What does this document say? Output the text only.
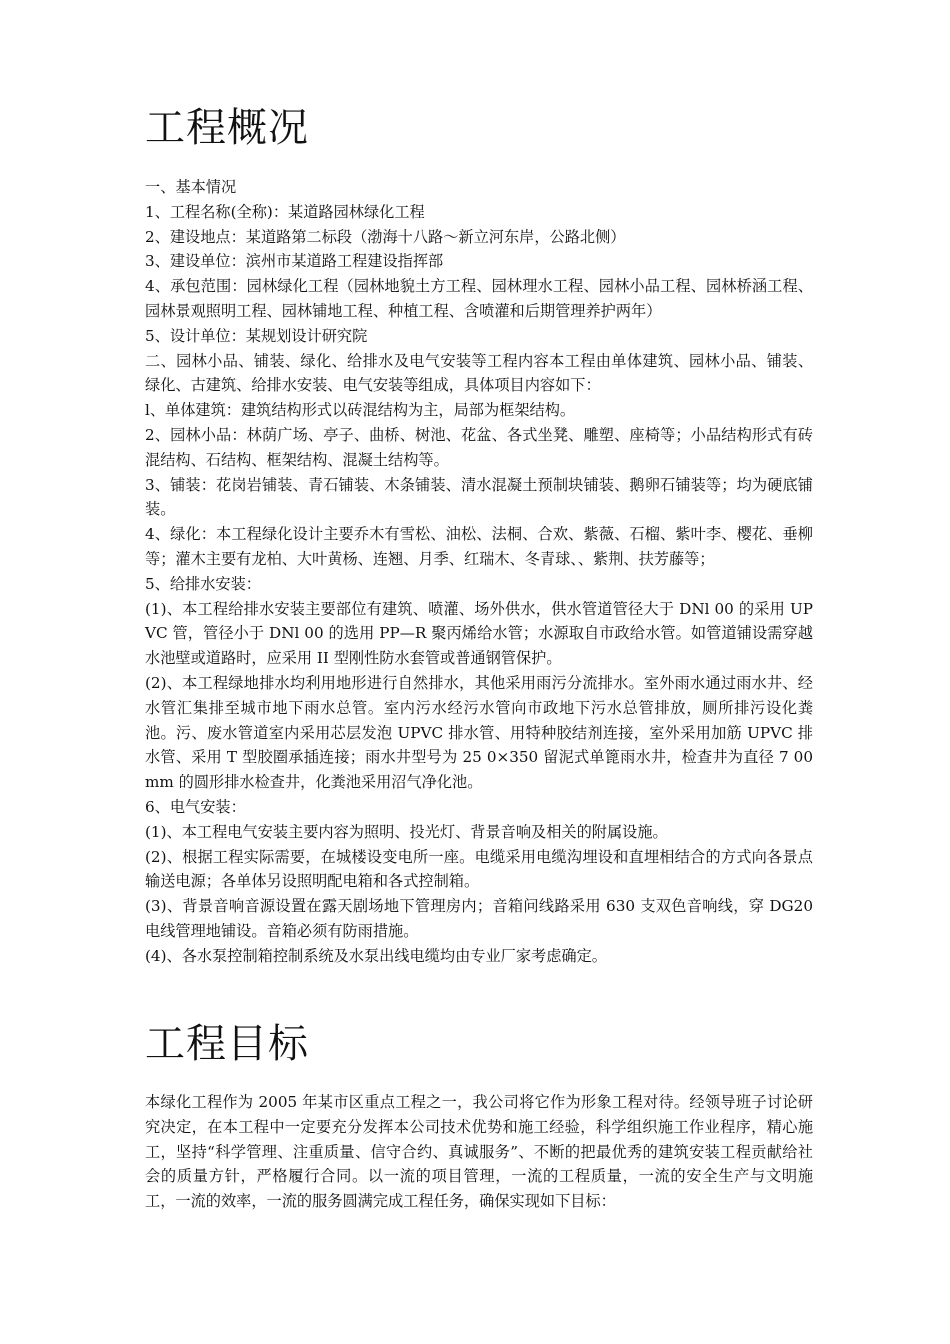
工程概况

一、基本情况

1、工程名称(全称)：某道路园林绿化工程

2、建设地点：某道路第二标段（渤海十八路～新立河东岸，公路北侧）

3、建设单位：滨州市某道路工程建设指挥部

4、承包范围：园林绿化工程（园林地貌土方工程、园林理水工程、园林小品工程、园林桥涵工程、园林景观照明工程、园林铺地工程、种植工程、含喷灌和后期管理养护两年）

5、设计单位：某规划设计研究院

二、园林小品、铺装、绿化、给排水及电气安装等工程内容本工程由单体建筑、园林小品、铺装、绿化、古建筑、给排水安装、电气安装等组成，具体项目内容如下：

l、单体建筑：建筑结构形式以砖混结构为主，局部为框架结构。

2、园林小品：林荫广场、亭子、曲桥、树池、花盆、各式坐凳、雕塑、座椅等；小品结构形式有砖混结构、石结构、框架结构、混凝土结构等。

3、铺装：花岗岩铺装、青石铺装、木条铺装、清水混凝土预制块铺装、鹅卵石铺装等；均为硬底铺装。

4、绿化：本工程绿化设计主要乔木有雪松、油松、法桐、合欢、紫薇、石榴、紫叶李、樱花、垂柳等；灌木主要有龙柏、大叶黄杨、连翘、月季、红瑞木、冬青球、、紫荆、扶芳藤等；

5、给排水安装：

(1)、本工程给排水安装主要部位有建筑、喷灌、场外供水，供水管道管径大于 DNl 00 的采用 UPVC 管，管径小于 DNl 00 的选用 PP—R 聚丙烯给水管；水源取自市政给水管。如管道铺设需穿越水池壁或道路时，应采用 II 型刚性防水套管或普通钢管保护。

(2)、本工程绿地排水均利用地形进行自然排水，其他采用雨污分流排水。室外雨水通过雨水井、经水管汇集排至城市地下雨水总管。室内污水经污水管向市政地下污水总管排放，厕所排污设化粪池。污、废水管道室内采用芯层发泡 UPVC 排水管、用特种胶结剂连接，室外采用加筋 UPVC 排水管、采用 T 型胶圈承插连接；雨水井型号为 25 0×350 留泥式单篦雨水井，检查井为直径 7 00mm 的圆形排水检查井，化粪池采用沼气净化池。

6、电气安装：

(1)、本工程电气安装主要内容为照明、投光灯、背景音响及相关的附属设施。

(2)、根据工程实际需要，在城楼设变电所一座。电缆采用电缆沟埋设和直埋相结合的方式向各景点输送电源；各单体另设照明配电箱和各式控制箱。

(3)、背景音响音源设置在露天剧场地下管理房内；音箱问线路采用 630 支双色音响线，穿 DG20 电线管理地铺设。音箱必须有防雨措施。

(4)、各水泵控制箱控制系统及水泵出线电缆均由专业厂家考虑确定。

工程目标

本绿化工程作为 2005 年某市区重点工程之一，我公司将它作为形象工程对待。经领导班子讨论研究决定，在本工程中一定要充分发挥本公司技术优势和施工经验，科学组织施工作业程序，精心施工，坚持“科学管理、注重质量、信守合约、真诚服务”、不断的把最优秀的建筑安装工程贡献给社会的质量方针，严格履行合同。以一流的项目管理，一流的工程质量，一流的安全生产与文明施工，一流的效率，一流的服务圆满完成工程任务，确保实现如下目标：
